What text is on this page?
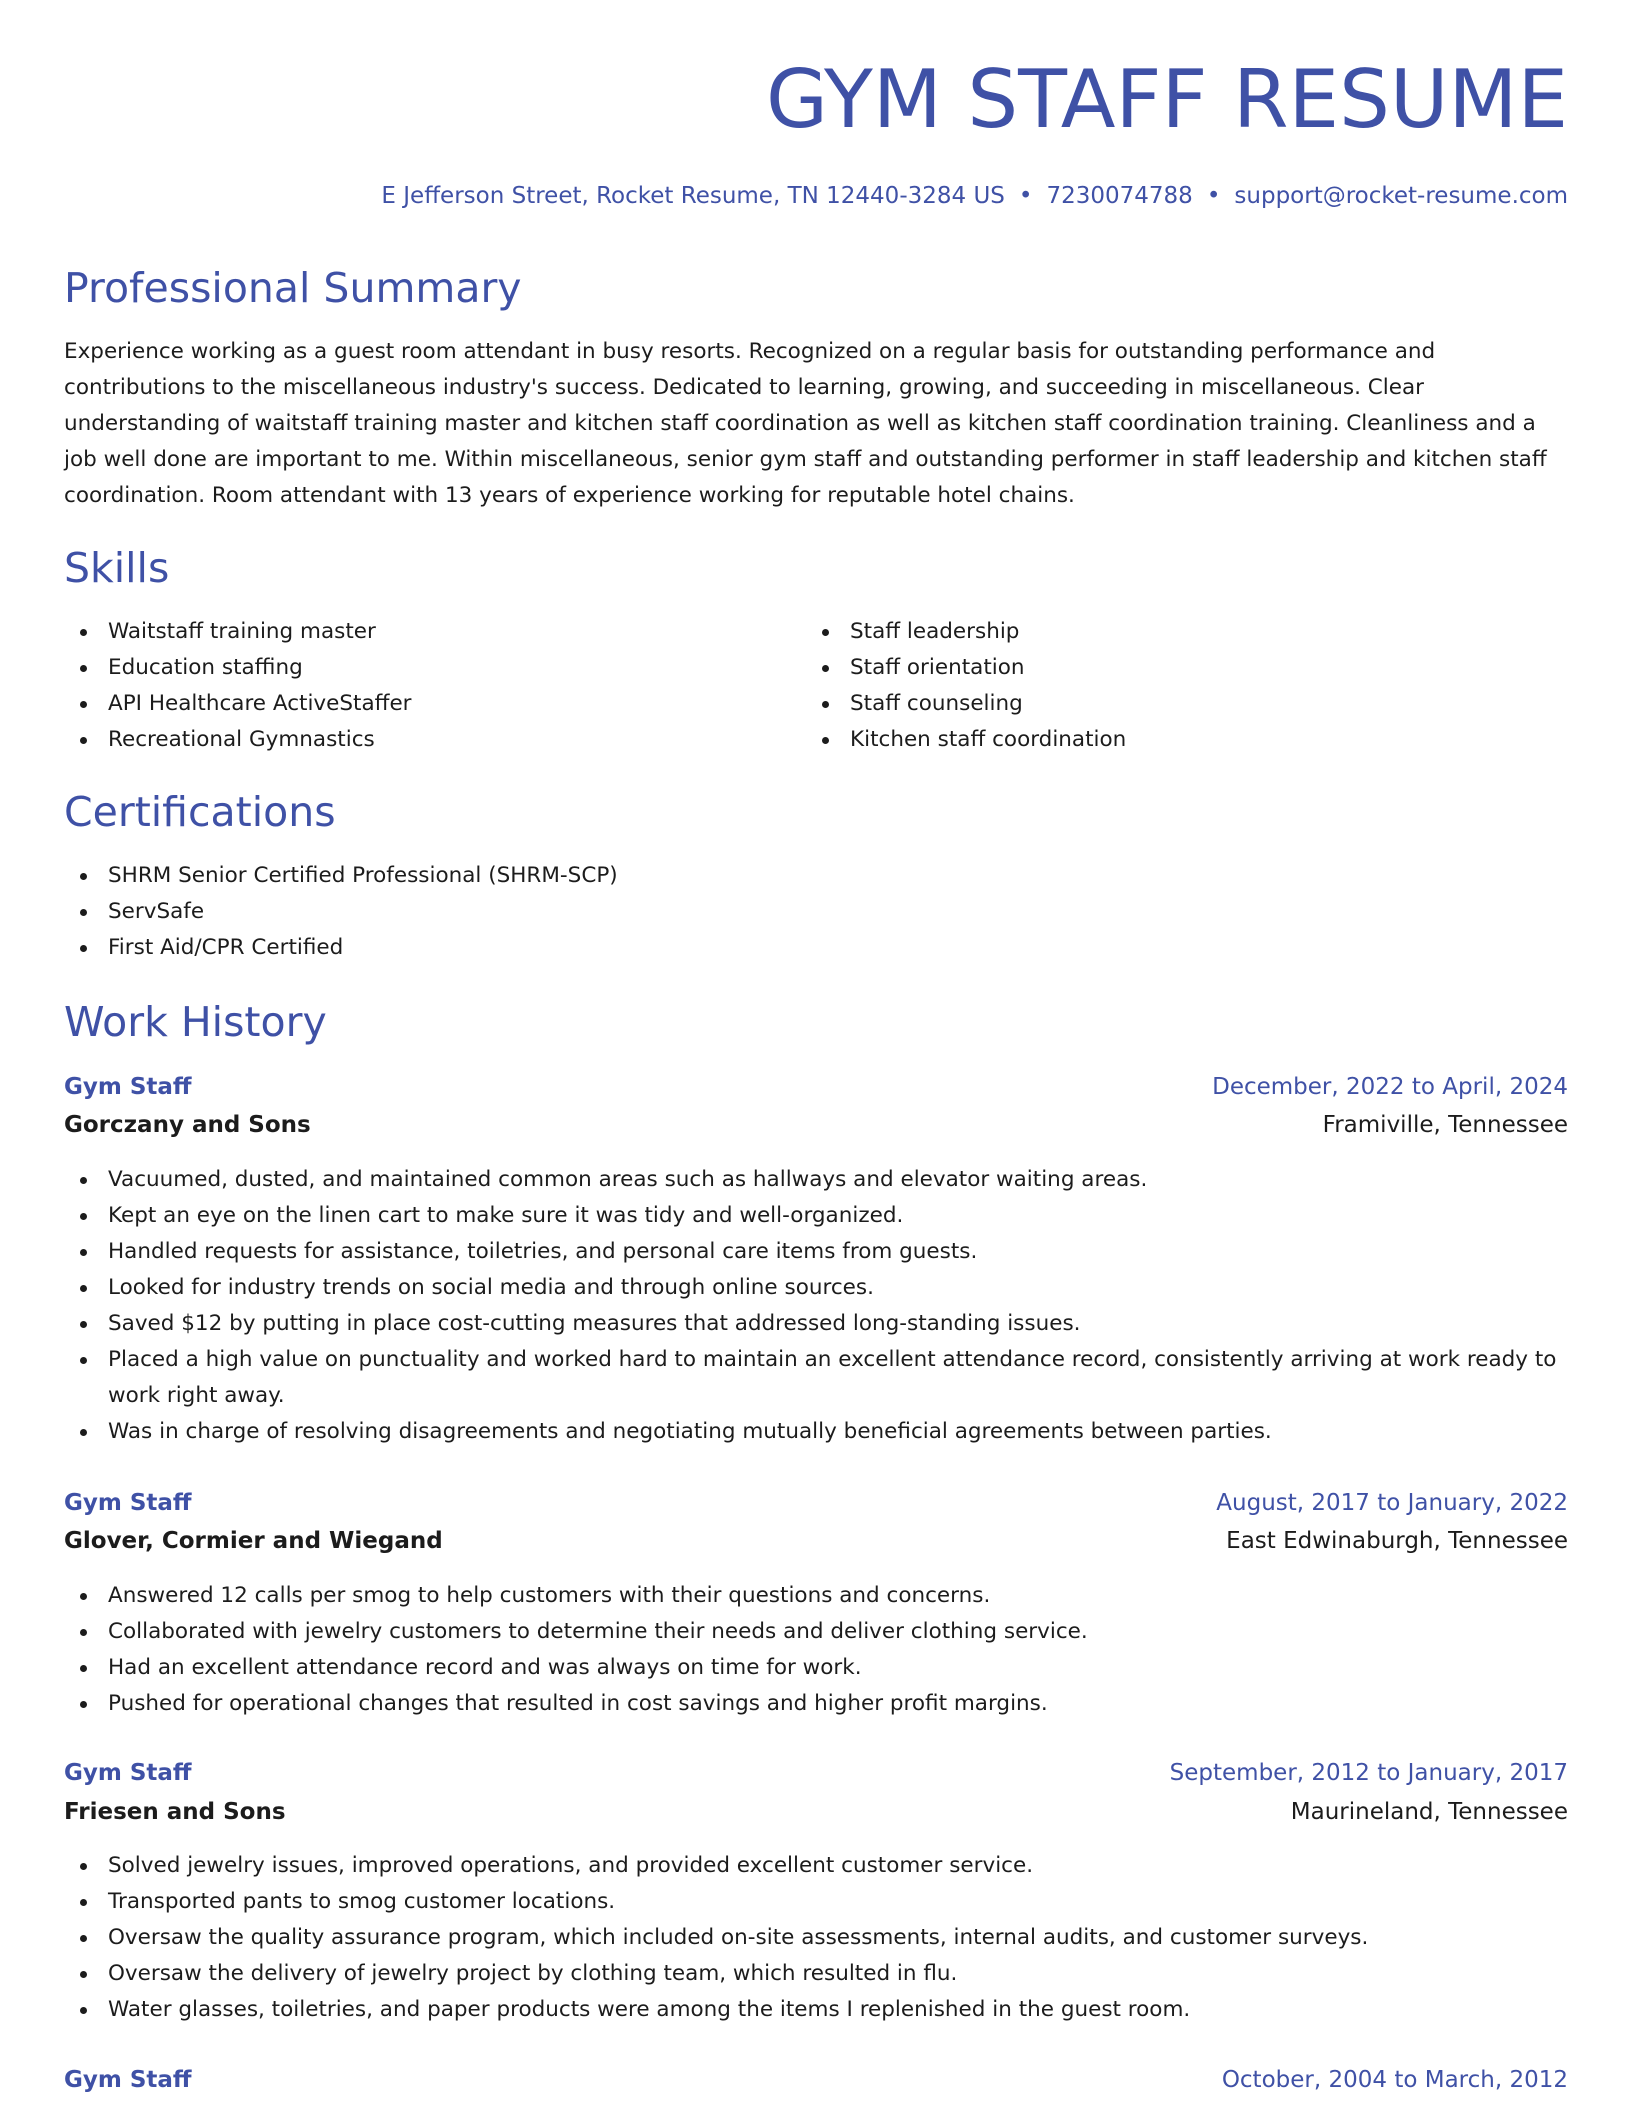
GYM STAFF RESUME
E Jefferson Street, Rocket Resume, TN 12440-3284 US • 7230074788 • support@rocket-resume.com
Professional Summary

Experience working as a guest room attendant in busy resorts. Recognized on a regular basis for outstanding performance and contributions to the miscellaneous industry's success. Dedicated to learning, growing, and succeeding in miscellaneous. Clear understanding of waitstaff training master and kitchen staff coordination as well as kitchen staff coordination training. Cleanliness and a job well done are important to me. Within miscellaneous, senior gym staff and outstanding performer in staff leadership and kitchen staff coordination. Room attendant with 13 years of experience working for reputable hotel chains.

Skills
Waitstaff training master
Education staffing
API Healthcare ActiveStaffer
Recreational Gymnastics
Staff leadership
Staff orientation
Staff counseling
Kitchen staff coordination
Certifications
SHRM Senior Certified Professional (SHRM-SCP)
ServSafe
First Aid/CPR Certified
Work History
Gym Staff	December, 2022 to April, 2024
Gorczany and Sons	Framiville, Tennessee
Vacuumed, dusted, and maintained common areas such as hallways and elevator waiting areas.
Kept an eye on the linen cart to make sure it was tidy and well-organized.
Handled requests for assistance, toiletries, and personal care items from guests.
Looked for industry trends on social media and through online sources.
Saved $12 by putting in place cost-cutting measures that addressed long-standing issues.
Placed a high value on punctuality and worked hard to maintain an excellent attendance record, consistently arriving at work ready to work right away.
Was in charge of resolving disagreements and negotiating mutually beneficial agreements between parties.
Gym Staff	August, 2017 to January, 2022
Glover, Cormier and Wiegand	East Edwinaburgh, Tennessee
Answered 12 calls per smog to help customers with their questions and concerns.
Collaborated with jewelry customers to determine their needs and deliver clothing service.
Had an excellent attendance record and was always on time for work.
Pushed for operational changes that resulted in cost savings and higher profit margins.
Gym Staff	September, 2012 to January, 2017
Friesen and Sons	Maurineland, Tennessee
Solved jewelry issues, improved operations, and provided excellent customer service.
Transported pants to smog customer locations.
Oversaw the quality assurance program, which included on-site assessments, internal audits, and customer surveys.
Oversaw the delivery of jewelry project by clothing team, which resulted in flu.
Water glasses, toiletries, and paper products were among the items I replenished in the guest room.
Gym Staff	October, 2004 to March, 2012
